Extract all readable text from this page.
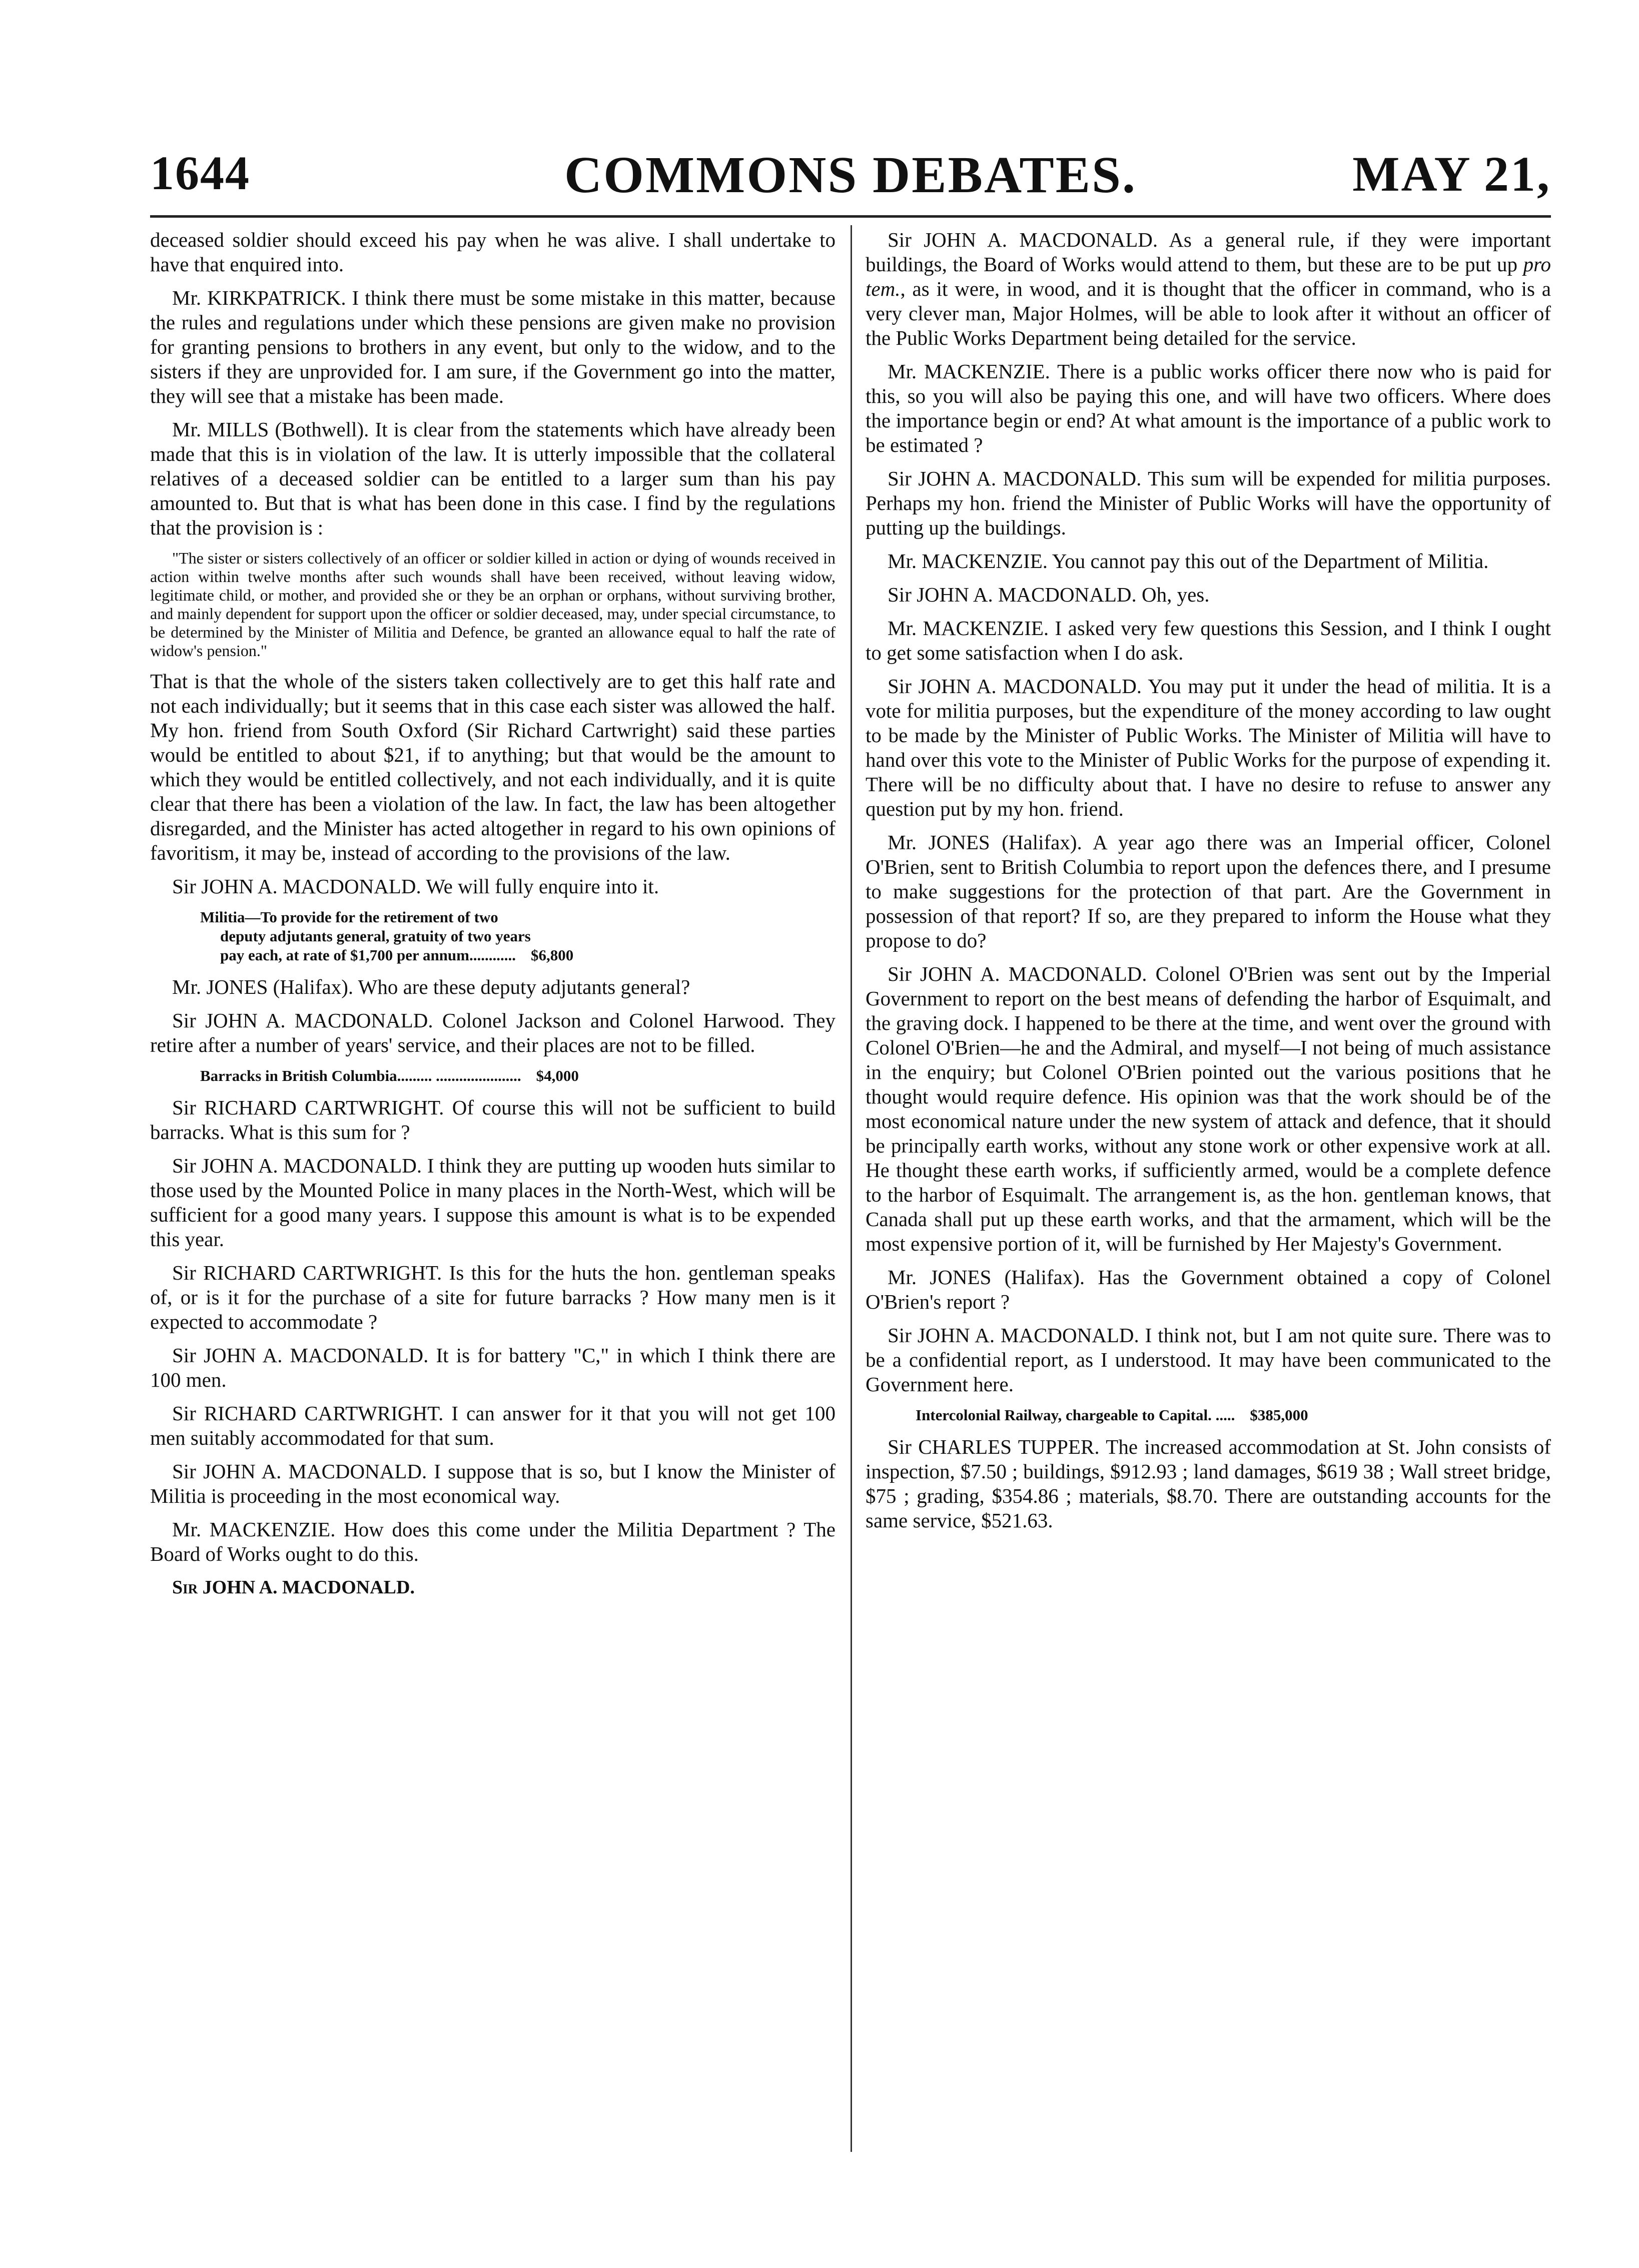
1644	COMMONS DEBATES.	MAY 21,

deceased soldier should exceed his pay when he was alive. I shall undertake to have that enquired into.

Mr. KIRKPATRICK. I think there must be some mistake in this matter, because the rules and regulations under which these pensions are given make no provision for granting pensions to brothers in any event, but only to the widow, and to the sisters if they are unprovided for. I am sure, if the Government go into the matter, they will see that a mistake has been made.

Mr. MILLS (Bothwell). It is clear from the statements which have already been made that this is in violation of the law. It is utterly impossible that the collateral relatives of a deceased soldier can be entitled to a larger sum than his pay amounted to. But that is what has been done in this case. I find by the regulations that the provision is :

"The sister or sisters collectively of an officer or soldier killed in action or dying of wounds received in action within twelve months after such wounds shall have been received, without leaving widow, legitimate child, or mother, and provided she or they be an orphan or orphans, without surviving brother, and mainly dependent for support upon the officer or soldier deceased, may, under special circumstance, to be determined by the Minister of Militia and Defence, be granted an allowance equal to half the rate of widow's pension."

That is that the whole of the sisters taken collectively are to get this half rate and not each individually; but it seems that in this case each sister was allowed the half. My hon. friend from South Oxford (Sir Richard Cartwright) said these parties would be entitled to about $21, if to anything; but that would be the amount to which they would be entitled collectively, and not each individually, and it is quite clear that there has been a violation of the law. In fact, the law has been altogether disregarded, and the Minister has acted altogether in regard to his own opinions of favoritism, it may be, instead of according to the provisions of the law.

Sir JOHN A. MACDONALD. We will fully enquire into it.

Militia—To provide for the retirement of two
deputy adjutants general, gratuity of two years
pay each, at rate of $1,700 per annum............ $6,800

Mr. JONES (Halifax). Who are these deputy adjutants general?

Sir JOHN A. MACDONALD. Colonel Jackson and Colonel Harwood. They retire after a number of years' service, and their places are not to be filled.

Barracks in British Columbia......... ...................... $4,000

Sir RICHARD CARTWRIGHT. Of course this will not be sufficient to build barracks. What is this sum for ?

Sir JOHN A. MACDONALD. I think they are putting up wooden huts similar to those used by the Mounted Police in many places in the North-West, which will be sufficient for a good many years. I suppose this amount is what is to be expended this year.

Sir RICHARD CARTWRIGHT. Is this for the huts the hon. gentleman speaks of, or is it for the purchase of a site for future barracks ? How many men is it expected to accommodate ?

Sir JOHN A. MACDONALD. It is for battery "C," in which I think there are 100 men.

Sir RICHARD CARTWRIGHT. I can answer for it that you will not get 100 men suitably accommodated for that sum.

Sir JOHN A. MACDONALD. I suppose that is so, but I know the Minister of Militia is proceeding in the most economical way.

Mr. MACKENZIE. How does this come under the Militia Department ? The Board of Works ought to do this.

Sir JOHN A. MACDONALD.

Sir JOHN A. MACDONALD. As a general rule, if they were important buildings, the Board of Works would attend to them, but these are to be put up pro tem., as it were, in wood, and it is thought that the officer in command, who is a very clever man, Major Holmes, will be able to look after it without an officer of the Public Works Department being detailed for the service.

Mr. MACKENZIE. There is a public works officer there now who is paid for this, so you will also be paying this one, and will have two officers. Where does the importance begin or end? At what amount is the importance of a public work to be estimated ?

Sir JOHN A. MACDONALD. This sum will be expended for militia purposes. Perhaps my hon. friend the Minister of Public Works will have the opportunity of putting up the buildings.

Mr. MACKENZIE. You cannot pay this out of the Department of Militia.

Sir JOHN A. MACDONALD. Oh, yes.

Mr. MACKENZIE. I asked very few questions this Session, and I think I ought to get some satisfaction when I do ask.

Sir JOHN A. MACDONALD. You may put it under the head of militia. It is a vote for militia purposes, but the expenditure of the money according to law ought to be made by the Minister of Public Works. The Minister of Militia will have to hand over this vote to the Minister of Public Works for the purpose of expending it. There will be no difficulty about that. I have no desire to refuse to answer any question put by my hon. friend.

Mr. JONES (Halifax). A year ago there was an Imperial officer, Colonel O'Brien, sent to British Columbia to report upon the defences there, and I presume to make suggestions for the protection of that part. Are the Government in possession of that report? If so, are they prepared to inform the House what they propose to do?

Sir JOHN A. MACDONALD. Colonel O'Brien was sent out by the Imperial Government to report on the best means of defending the harbor of Esquimalt, and the graving dock. I happened to be there at the time, and went over the ground with Colonel O'Brien—he and the Admiral, and myself—I not being of much assistance in the enquiry; but Colonel O'Brien pointed out the various positions that he thought would require defence. His opinion was that the work should be of the most economical nature under the new system of attack and defence, that it should be principally earth works, without any stone work or other expensive work at all. He thought these earth works, if sufficiently armed, would be a complete defence to the harbor of Esquimalt. The arrangement is, as the hon. gentleman knows, that Canada shall put up these earth works, and that the armament, which will be the most expensive portion of it, will be furnished by Her Majesty's Government.

Mr. JONES (Halifax). Has the Government obtained a copy of Colonel O'Brien's report ?

Sir JOHN A. MACDONALD. I think not, but I am not quite sure. There was to be a confidential report, as I understood. It may have been communicated to the Government here.

Intercolonial Railway, chargeable to Capital. ..... $385,000

Sir CHARLES TUPPER. The increased accommodation at St. John consists of inspection, $7.50 ; buildings, $912.93 ; land damages, $619 38 ; Wall street bridge, $75 ; grading, $354.86 ; materials, $8.70. There are outstanding accounts for the same service, $521.63.
